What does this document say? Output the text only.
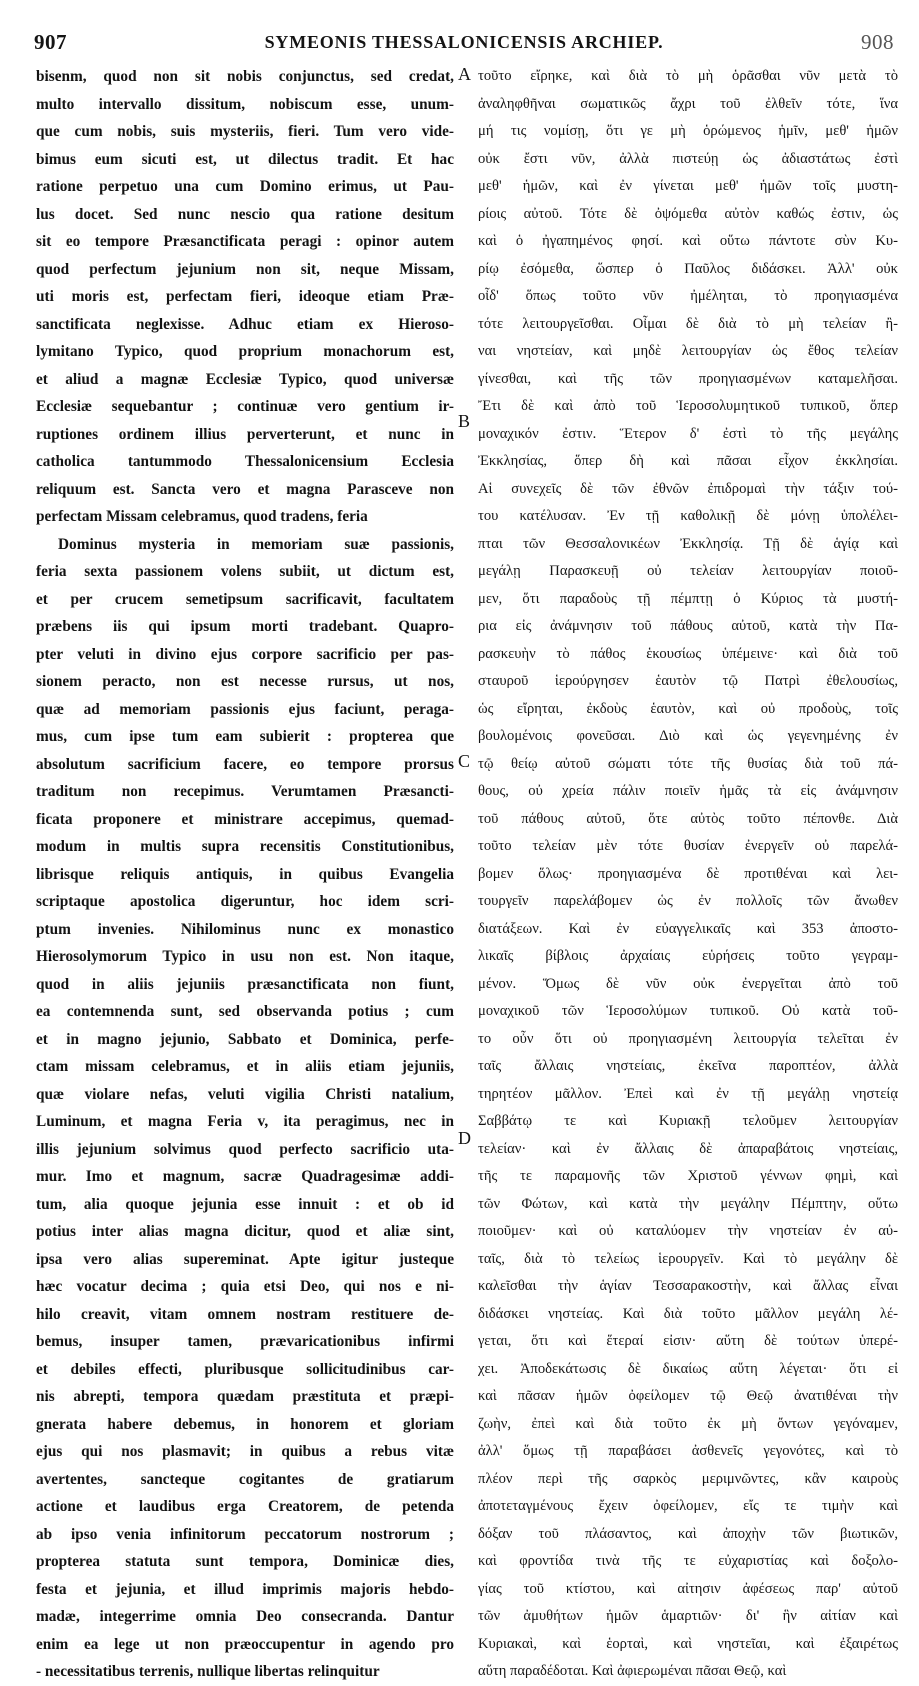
907	SYMEONIS THESSALONICENSIS ARCHIEP.	908
bisenm, quod non sit nobis conjunctus, sed credat,
multo intervallo dissitum, nobiscum esse, unum-
que cum nobis, suis mysteriis, fieri. Tum vero vide-
bimus eum sicuti est, ut dilectus tradit. Et hac
ratione perpetuo una cum Domino erimus, ut Pau-
lus docet. Sed nunc nescio qua ratione desitum
sit eo tempore Præsanctificata peragi : opinor autem
quod perfectum jejunium non sit, neque Missam,
uti moris est, perfectam fieri, ideoque etiam Præ-
sanctificata neglexisse. Adhuc etiam ex Hieroso-
lymitano Typico, quod proprium monachorum est,
et aliud a magnæ Ecclesiæ Typico, quod universæ
Ecclesiæ sequebantur ; continuæ vero gentium ir-
ruptiones ordinem illius perverterunt, et nunc in
catholica tantummodo Thessalonicensium Ecclesia
reliquum est. Sancta vero et magna Parasceve non
perfectam Missam celebramus, quod tradens, feria
Dominus mysteria in memoriam suæ passionis,
feria sexta passionem volens subiit, ut dictum est,
et per crucem semetipsum sacrificavit, facultatem
præbens iis qui ipsum morti tradebant. Quapro-
pter veluti in divino ejus corpore sacrificio per pas-
sionem peracto, non est necesse rursus, ut nos,
quæ ad memoriam passionis ejus faciunt, peraga-
mus, cum ipse tum eam subierit : propterea que
absolutum sacrificium facere, eo tempore prorsus
traditum non recepimus. Verumtamen Præsancti-
ficata proponere et ministrare accepimus, quemad-
modum in multis supra recensitis Constitutionibus,
librisque reliquis antiquis, in quibus Evangelia
scriptaque apostolica digeruntur, hoc idem scri-
ptum invenies. Nihilominus nunc ex monastico
Hierosolymorum Typico in usu non est. Non itaque,
quod in aliis jejuniis præsanctificata non fiunt,
ea contemnenda sunt, sed observanda potius ; cum
et in magno jejunio, Sabbato et Dominica, perfe-
ctam missam celebramus, et in aliis etiam jejuniis,
quæ violare nefas, veluti vigilia Christi natalium,
Luminum, et magna Feria v, ita peragimus, nec in
illis jejunium solvimus quod perfecto sacrificio uta-
mur. Imo et magnum, sacræ Quadragesimæ addi-
tum, alia quoque jejunia esse innuit : et ob id
potius inter alias magna dicitur, quod et aliæ sint,
ipsa vero alias supereminat. Apte igitur justeque
hæc vocatur decima ; quia etsi Deo, qui nos e ni-
hilo creavit, vitam omnem nostram restituere de-
bemus, insuper tamen, prævaricationibus infirmi
et debiles effecti, pluribusque sollicitudinibus car-
nis abrepti, tempora quædam præstituta et præpi-
gnerata habere debemus, in honorem et gloriam
ejus qui nos plasmavit; in quibus a rebus vitæ
avertentes, sancteque cogitantes de gratiarum
actione et laudibus erga Creatorem, de petenda
ab ipso venia infinitorum peccatorum nostrorum ;
propterea statuta sunt tempora, Dominicæ dies,
festa et jejunia, et illud imprimis majoris hebdo-
madæ, integerrime omnia Deo consecranda. Dantur
enim ea lege ut non præoccupentur in agendo pro
- necessitatibus terrenis, nullique libertas relinquitur
A
B
C
D
τοῦτο εἴρηκε, καὶ διὰ τὸ μὴ ὁρᾶσθαι νῦν μετὰ τὸ
ἀναληφθῆναι σωματικῶς ἄχρι τοῦ ἐλθεῖν τότε, ἵνα
μή τις νομίσῃ, ὅτι γε μὴ ὁρώμενος ἡμῖν, μεθ' ἡμῶν
οὐκ ἔστι νῦν, ἀλλὰ πιστεύῃ ὡς ἀδιαστάτως ἐστὶ
μεθ' ἡμῶν, καὶ ἐν γίνεται μεθ' ἡμῶν τοῖς μυστη-
ρίοις αὐτοῦ. Τότε δὲ ὀψόμεθα αὐτὸν καθώς ἐστιν, ὡς
καὶ ὁ ἠγαπημένος φησί. καὶ οὕτω πάντοτε σὺν Κυ-
ρίῳ ἐσόμεθα, ὥσπερ ὁ Παῦλος διδάσκει. Ἀλλ' οὐκ
οἶδ' ὅπως τοῦτο νῦν ἠμέληται, τὸ προηγιασμένα
τότε λειτουργεῖσθαι. Οἶμαι δὲ διὰ τὸ μὴ τελείαν ἢ-
ναι νηστείαν, καὶ μηδὲ λειτουργίαν ὡς ἔθος τελείαν
γίνεσθαι, καὶ τῆς τῶν προηγιασμένων καταμελῆσαι.
Ἔτι δὲ καὶ ἀπὸ τοῦ Ἱεροσολυμητικοῦ τυπικοῦ, ὅπερ
μοναχικόν ἐστιν. Ἕτερον δ' ἐστὶ τὸ τῆς μεγάλης
Ἐκκλησίας, ὅπερ δὴ καὶ πᾶσαι εἶχον ἐκκλησίαι.
Αἱ συνεχεῖς δὲ τῶν ἐθνῶν ἐπιδρομαὶ τὴν τάξιν τού-
του κατέλυσαν. Ἐν τῇ καθολικῇ δὲ μόνῃ ὑπολέλει-
πται τῶν Θεσσαλονικέων Ἐκκλησίᾳ. Τῇ δὲ ἁγίᾳ καὶ
μεγάλῃ Παρασκευῇ οὐ τελείαν λειτουργίαν ποιοῦ-
μεν, ὅτι παραδοὺς τῇ πέμπτῃ ὁ Κύριος τὰ μυστή-
ρια εἰς ἀνάμνησιν τοῦ πάθους αὐτοῦ, κατὰ τὴν Πα-
ρασκευὴν τὸ πάθος ἑκουσίως ὑπέμεινε· καὶ διὰ τοῦ
σταυροῦ ἱερούργησεν ἑαυτὸν τῷ Πατρὶ ἐθελουσίως,
ὡς εἴρηται, ἐκδοὺς ἑαυτὸν, καὶ οὐ προδοὺς, τοῖς
βουλομένοις φονεῦσαι. Διὸ καὶ ὡς γεγενημένης ἐν
τῷ θείῳ αὐτοῦ σώματι τότε τῆς θυσίας διὰ τοῦ πά-
θους, οὐ χρεία πάλιν ποιεῖν ἡμᾶς τὰ εἰς ἀνάμνησιν
τοῦ πάθους αὐτοῦ, ὅτε αὐτὸς τοῦτο πέπονθε. Διὰ
τοῦτο τελείαν μὲν τότε θυσίαν ἐνεργεῖν οὐ παρελά-
βομεν ὅλως· προηγιασμένα δὲ προτιθέναι καὶ λει-
τουργεῖν παρελάβομεν ὡς ἐν πολλοῖς τῶν ἄνωθεν
διατάξεων. Καὶ ἐν εὐαγγελικαῖς καὶ 353 ἀποστο-
λικαῖς βίβλοις ἀρχαίαις εὑρήσεις τοῦτο γεγραμ-
μένον. Ὅμως δὲ νῦν οὐκ ἐνεργεῖται ἀπὸ τοῦ
μοναχικοῦ τῶν Ἱεροσολύμων τυπικοῦ. Οὐ κατὰ τοῦ-
το οὖν ὅτι οὐ προηγιασμένη λειτουργία τελεῖται ἐν
ταῖς ἄλλαις νηστείαις, ἐκεῖνα παροπτέον, ἀλλὰ
τηρητέον μᾶλλον. Ἐπεὶ καὶ ἐν τῇ μεγάλῃ νηστείᾳ
Σαββάτῳ τε καὶ Κυριακῇ τελοῦμεν λειτουργίαν
τελείαν· καὶ ἐν ἄλλαις δὲ ἀπαραβάτοις νηστείαις,
τῆς τε παραμονῆς τῶν Χριστοῦ γέννων φημὶ, καὶ
τῶν Φώτων, καὶ κατὰ τὴν μεγάλην Πέμπτην, οὕτω
ποιοῦμεν· καὶ οὐ καταλύομεν τὴν νηστείαν ἐν αὐ-
ταῖς, διὰ τὸ τελείως ἱερουργεῖν. Καὶ τὸ μεγάλην δὲ
καλεῖσθαι τὴν ἁγίαν Τεσσαρακοστὴν, καὶ ἄλλας εἶναι
διδάσκει νηστείας. Καὶ διὰ τοῦτο μᾶλλον μεγάλη λέ-
γεται, ὅτι καὶ ἕτεραί εἰσιν· αὕτη δὲ τούτων ὑπερέ-
χει. Ἀποδεκάτωσις δὲ δικαίως αὕτη λέγεται· ὅτι εἰ
καὶ πᾶσαν ἡμῶν ὀφείλομεν τῷ Θεῷ ἀνατιθέναι τὴν
ζωὴν, ἐπεὶ καὶ διὰ τοῦτο ἐκ μὴ ὄντων γεγόναμεν,
ἀλλ' ὅμως τῇ παραβάσει ἀσθενεῖς γεγονότες, καὶ τὸ
πλέον περὶ τῆς σαρκὸς μεριμνῶντες, κἂν καιροὺς
ἀποτεταγμένους ἔχειν ὀφείλομεν, εἴς τε τιμὴν καὶ
δόξαν τοῦ πλάσαντος, καὶ ἀποχὴν τῶν βιωτικῶν,
καὶ φροντίδα τινὰ τῆς τε εὐχαριστίας καὶ δοξολο-
γίας τοῦ κτίστου, καὶ αἰτησιν ἀφέσεως παρ' αὐτοῦ
τῶν ἀμυθήτων ἡμῶν ἁμαρτιῶν· δι' ἣν αἰτίαν καὶ
Κυριακαὶ, καὶ ἑορταὶ, καὶ νηστεῖαι, καὶ ἐξαιρέτως
αὕτη παραδέδοται. Καὶ ἀφιερωμέναι πᾶσαι Θεῷ, καὶ
